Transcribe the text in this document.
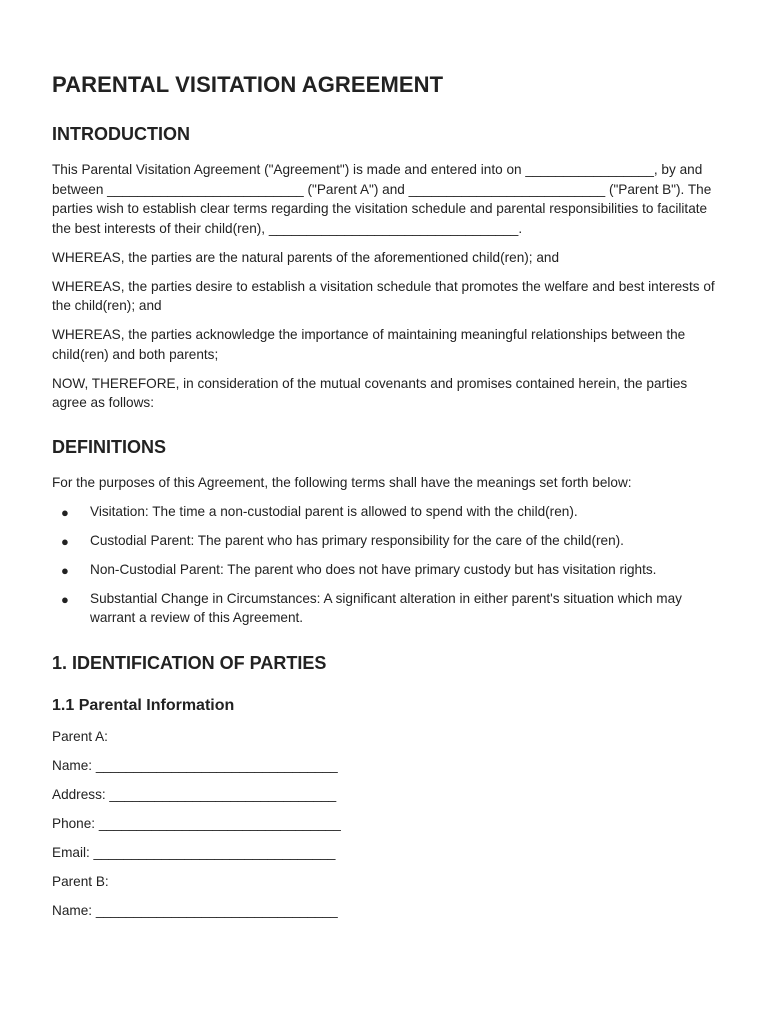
PARENTAL VISITATION AGREEMENT
INTRODUCTION

This Parental Visitation Agreement ("Agreement") is made and entered into on _________________, by and between __________________________ ("Parent A") and __________________________ ("Parent B"). The parties wish to establish clear terms regarding the visitation schedule and parental responsibilities to facilitate the best interests of their child(ren), _________________________________.

WHEREAS, the parties are the natural parents of the aforementioned child(ren); and

WHEREAS, the parties desire to establish a visitation schedule that promotes the welfare and best interests of the child(ren); and

WHEREAS, the parties acknowledge the importance of maintaining meaningful relationships between the child(ren) and both parents;

NOW, THEREFORE, in consideration of the mutual covenants and promises contained herein, the parties agree as follows:

DEFINITIONS

For the purposes of this Agreement, the following terms shall have the meanings set forth below:

● Visitation: The time a non-custodial parent is allowed to spend with the child(ren).
● Custodial Parent: The parent who has primary responsibility for the care of the child(ren).
● Non-Custodial Parent: The parent who does not have primary custody but has visitation rights.
● Substantial Change in Circumstances: A significant alteration in either parent's situation which may warrant a review of this Agreement.
1. IDENTIFICATION OF PARTIES
1.1 Parental Information

Parent A:

Name: ________________________________

Address: ______________________________

Phone: ________________________________

Email: ________________________________

Parent B:

Name: ________________________________
